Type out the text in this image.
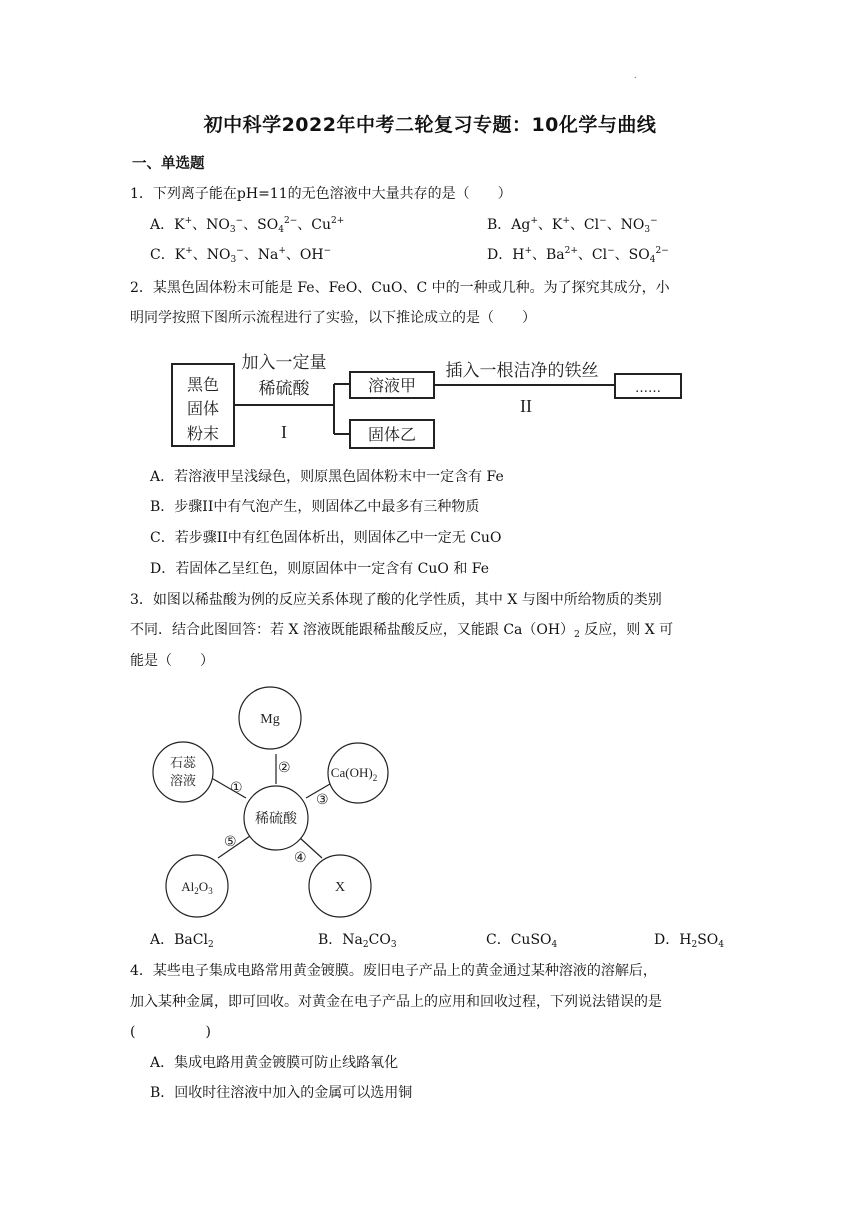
.
初中科学2022年中考二轮复习专题：10化学与曲线
一、单选题
1．下列离子能在pH=11的无色溶液中大量共存的是（　　）
A．K+、$NO_3^-$、$SO_4^{2-}$、$Cu^{2+}$	B．Ag+、K+、Cl−、$NO_3^-$
C．K+、$NO_3^-$、Na+、OH−	D．H+、$Ba^{2+}$、Cl−、$SO_4^{2-}$
2．某黑色固体粉末可能是 Fe、FeO、CuO、C 中的一种或几种。为了探究其成分，小
明同学按照下图所示流程进行了实验，以下推论成立的是（　　）
黑色
固体
粉末
加入一定量
稀硫酸
I
溶液甲
固体乙
插入一根洁净的铁丝
II
……
A．若溶液甲呈浅绿色，则原黑色固体粉末中一定含有 Fe
B．步骤II中有气泡产生，则固体乙中最多有三种物质
C．若步骤II中有红色固体析出，则固体乙中一定无 CuO
D．若固体乙呈红色，则原固体中一定含有 CuO 和 Fe
3．如图以稀盐酸为例的反应关系体现了酸的化学性质，其中 X 与图中所给物质的类别
不同．结合此图回答：若 X 溶液既能跟稀盐酸反应，又能跟 $Ca(OH)_2$ 反应，则 X 可
能是（　　）
稀硫酸
Mg
石蕊
溶液
$Ca(OH)_2$
$Al_2O_3$	X
①
②
③
④
⑤
A．BaCl$_2$	B．$Na_2CO_3$	C．CuSO$_4$	D．$H_2SO_4$
4．某些电子集成电路常用黄金镀膜。废旧电子产品上的黄金通过某种溶液的溶解后，
加入某种金属，即可回收。对黄金在电子产品上的应用和回收过程，下列说法错误的是
(　　　　　)
A．集成电路用黄金镀膜可防止线路氧化
B．回收时往溶液中加入的金属可以选用铜
